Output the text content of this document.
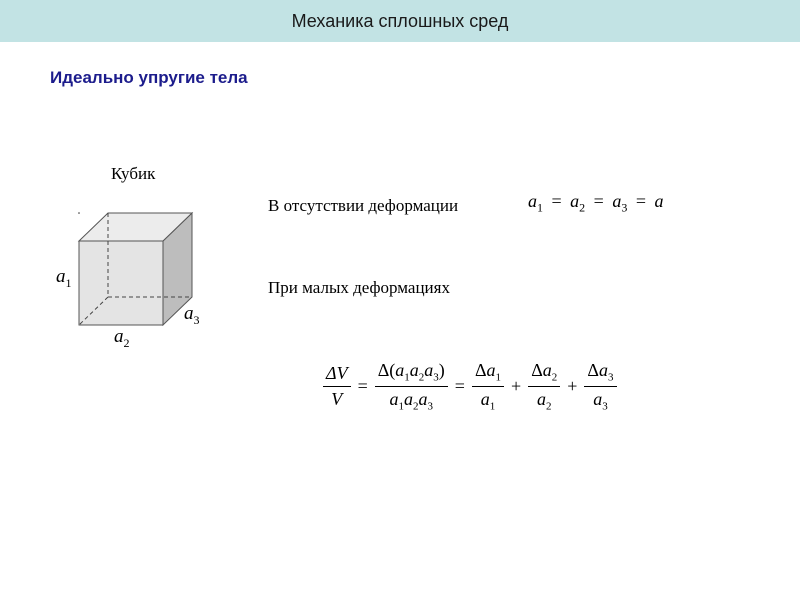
Механика сплошных сред
Идеально упругие тела
Кубик
$a_1$
$a_2$
$a_3$
В отсутствии деформации
При малых деформациях
$a_1 = a_2 = a_3 = a$
$\frac{\Delta V}{V} = \frac{\Delta(a_1a_2a_3)}{a_1a_2a_3} = \frac{\Delta a_1}{a_1} + \frac{\Delta a_2}{a_2} + \frac{\Delta a_3}{a_3}$
